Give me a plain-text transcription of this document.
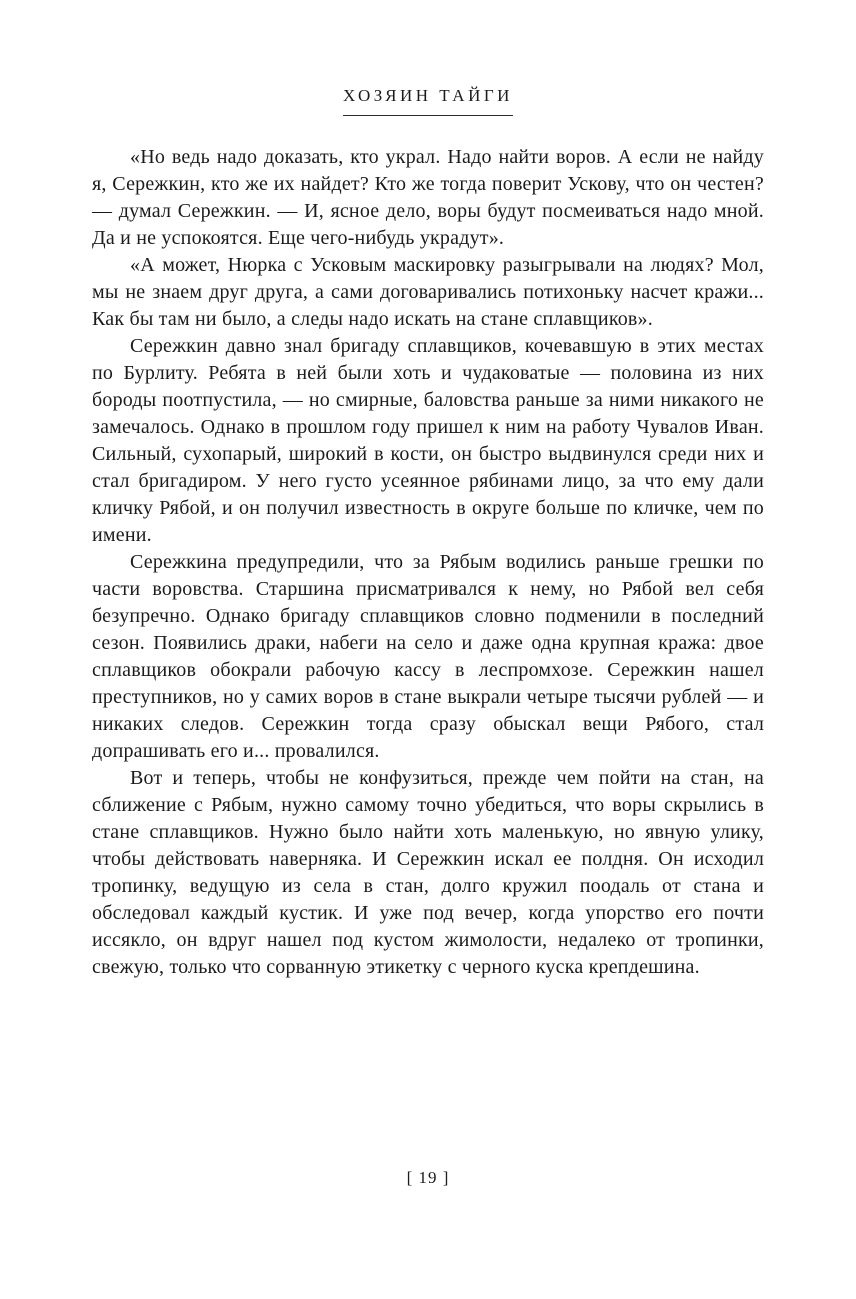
ХОЗЯИН ТАЙГИ

«Но ведь надо доказать, кто украл. Надо найти воров. А если не найду я, Сережкин, кто же их найдет? Кто же тогда поверит Ускову, что он честен? — думал Сережкин. — И, ясное дело, воры будут посмеиваться надо мной. Да и не успокоятся. Еще чего-нибудь украдут».

«А может, Нюрка с Усковым маскировку разыгрывали на людях? Мол, мы не знаем друг друга, а сами договаривались потихоньку насчет кражи... Как бы там ни было, а следы надо искать на стане сплавщиков».

Сережкин давно знал бригаду сплавщиков, кочевавшую в этих местах по Бурлиту. Ребята в ней были хоть и чудаковатые — половина из них бороды поотпустила, — но смирные, баловства раньше за ними никакого не замечалось. Однако в прошлом году пришел к ним на работу Чувалов Иван. Сильный, сухопарый, широкий в кости, он быстро выдвинулся среди них и стал бригадиром. У него густо усеянное рябинами лицо, за что ему дали кличку Рябой, и он получил известность в округе больше по кличке, чем по имени.

Сережкина предупредили, что за Рябым водились раньше грешки по части воровства. Старшина присматривался к нему, но Рябой вел себя безупречно. Однако бригаду сплавщиков словно подменили в последний сезон. Появились драки, набеги на село и даже одна крупная кража: двое сплавщиков обокрали рабочую кассу в леспромхозе. Сережкин нашел преступников, но у самих воров в стане выкрали четыре тысячи рублей — и никаких следов. Сережкин тогда сразу обыскал вещи Рябого, стал допрашивать его и... провалился.

Вот и теперь, чтобы не конфузиться, прежде чем пойти на стан, на сближение с Рябым, нужно самому точно убедиться, что воры скрылись в стане сплавщиков. Нужно было найти хоть маленькую, но явную улику, чтобы действовать наверняка. И Сережкин искал ее полдня. Он исходил тропинку, ведущую из села в стан, долго кружил поодаль от стана и обследовал каждый кустик. И уже под вечер, когда упорство его почти иссякло, он вдруг нашел под кустом жимолости, недалеко от тропинки, свежую, только что сорванную этикетку с черного куска крепдешина.

[ 19 ]
